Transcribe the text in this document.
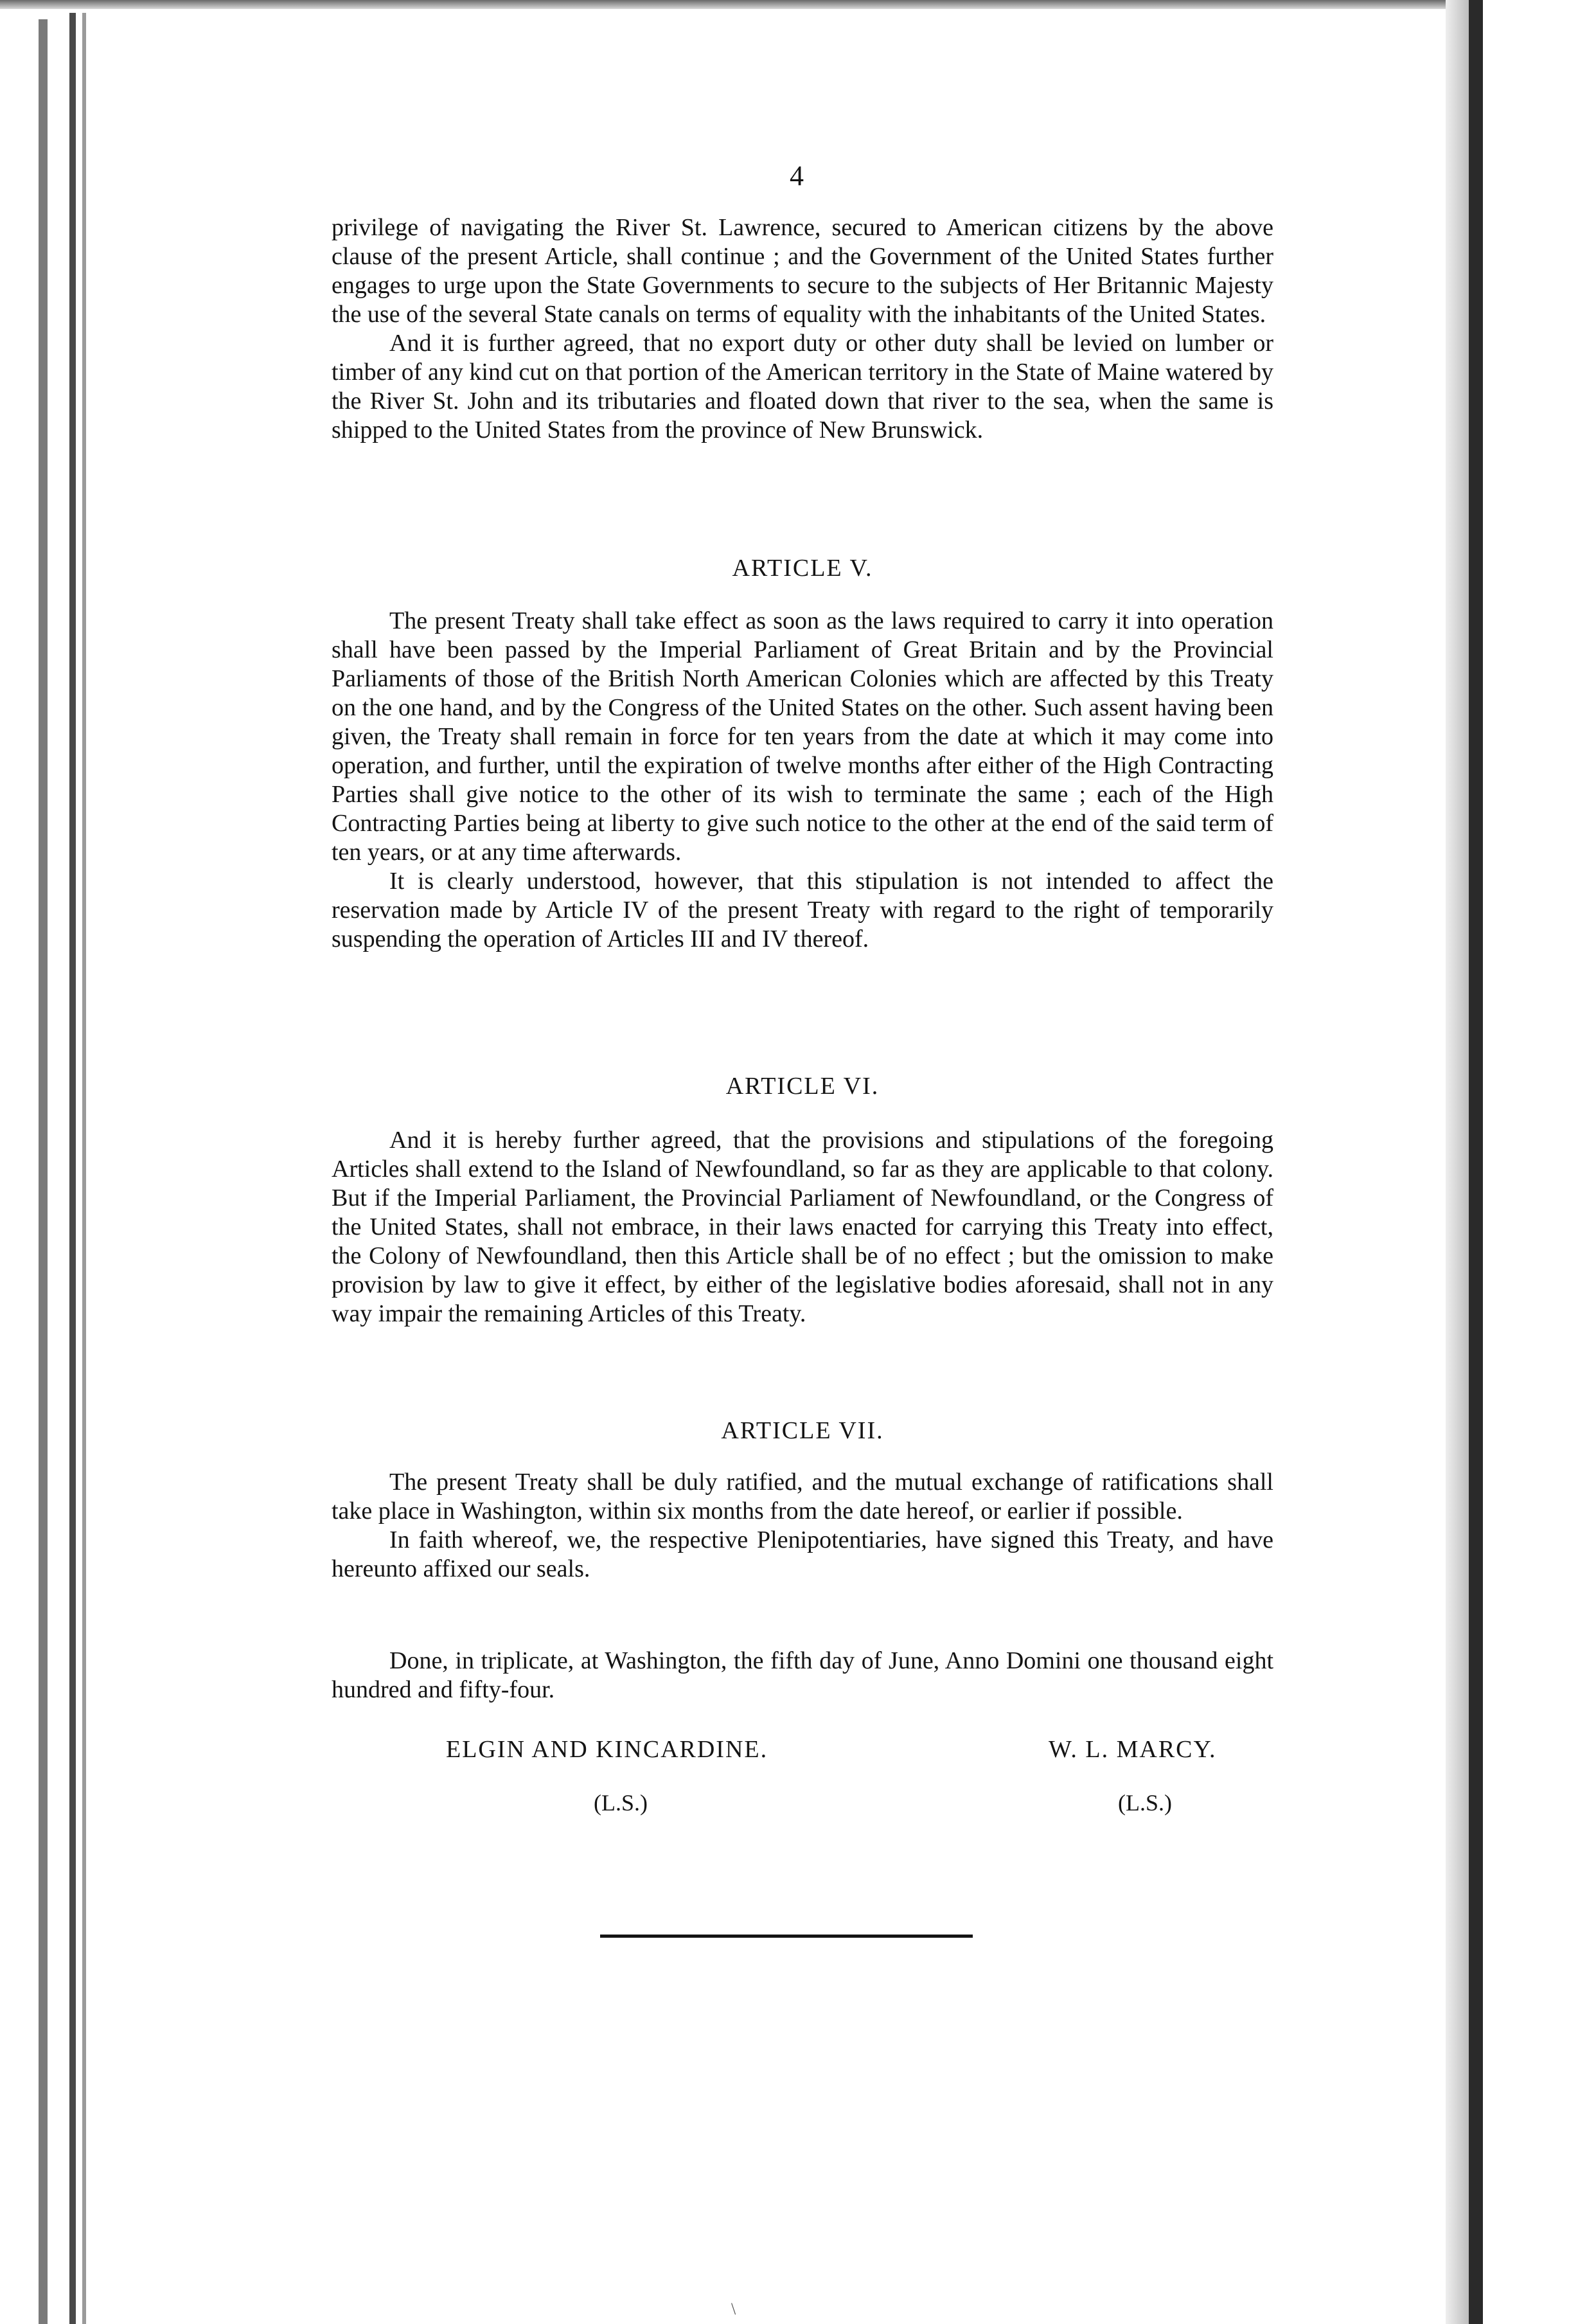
4

privilege of navigating the River St. Lawrence, secured to American citizens by the above clause of the present Article, shall continue ; and the Government of the United States further engages to urge upon the State Governments to secure to the subjects of Her Britannic Majesty the use of the several State canals on terms of equality with the inhabitants of the United States.

And it is further agreed, that no export duty or other duty shall be levied on lumber or timber of any kind cut on that portion of the American territory in the State of Maine watered by the River St. John and its tributaries and floated down that river to the sea, when the same is shipped to the United States from the province of New Brunswick.

ARTICLE V.

The present Treaty shall take effect as soon as the laws required to carry it into operation shall have been passed by the Imperial Parliament of Great Britain and by the Provincial Parliaments of those of the British North American Colonies which are affected by this Treaty on the one hand, and by the Congress of the United States on the other. Such assent having been given, the Treaty shall remain in force for ten years from the date at which it may come into operation, and further, until the expiration of twelve months after either of the High Contracting Parties shall give notice to the other of its wish to terminate the same ; each of the High Contracting Parties being at liberty to give such notice to the other at the end of the said term of ten years, or at any time afterwards.

It is clearly understood, however, that this stipulation is not intended to affect the reservation made by Article IV of the present Treaty with regard to the right of temporarily suspending the operation of Articles III and IV thereof.

ARTICLE VI.

And it is hereby further agreed, that the provisions and stipulations of the foregoing Articles shall extend to the Island of Newfoundland, so far as they are applicable to that colony. But if the Imperial Parliament, the Provincial Parliament of Newfoundland, or the Congress of the United States, shall not embrace, in their laws enacted for carrying this Treaty into effect, the Colony of Newfoundland, then this Article shall be of no effect ; but the omission to make provision by law to give it effect, by either of the legislative bodies aforesaid, shall not in any way impair the remaining Articles of this Treaty.

ARTICLE VII.

The present Treaty shall be duly ratified, and the mutual exchange of ratifications shall take place in Washington, within six months from the date hereof, or earlier if possible.

In faith whereof, we, the respective Plenipotentiaries, have signed this Treaty, and have hereunto affixed our seals.

Done, in triplicate, at Washington, the fifth day of June, Anno Domini one thousand eight hundred and fifty-four.

ELGIN AND KINCARDINE.
(L.S.)
W. L. MARCY.
(L.S.)
\
